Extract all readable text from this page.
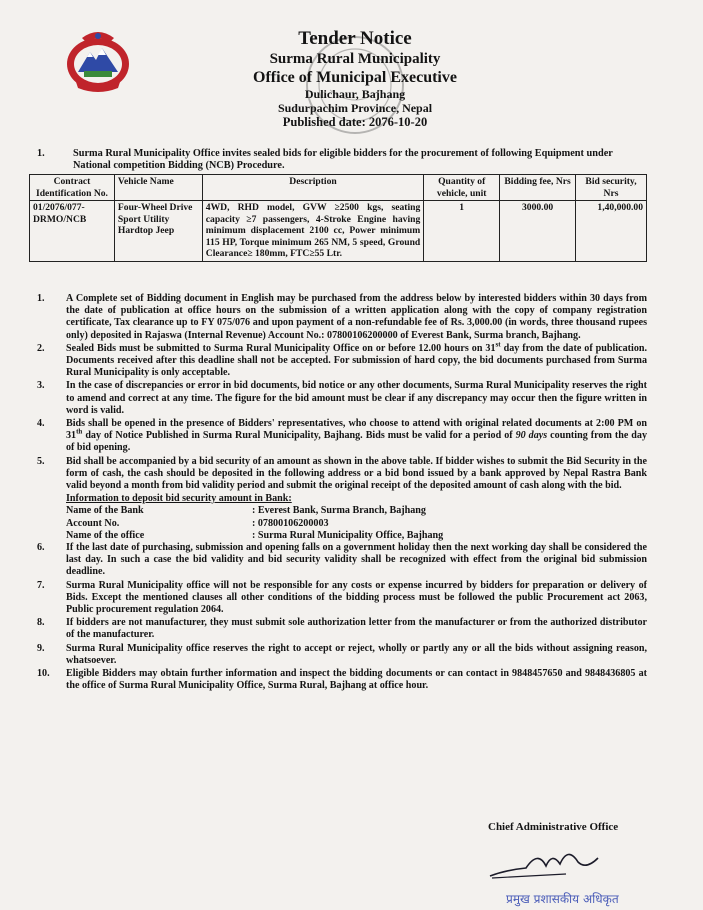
Tender Notice
Surma Rural Municipality
Office of Municipal Executive
Dulichaur, Bajhang
Sudurpachim Province, Nepal
Published date: 2076-10-20
1.	Surma Rural Municipality Office invites sealed bids for eligible bidders for the procurement of following Equipment under National competition Bidding (NCB) Procedure.
Contract Identification No.	Vehicle Name	Description	Quantity of vehicle, unit	Bidding fee, Nrs	Bid security, Nrs
01/2076/077-DRMO/NCB	Four-Wheel Drive Sport Utility Hardtop Jeep	4WD, RHD model, GVW ≥2500 kgs, seating capacity ≥7 passengers, 4-Stroke Engine having minimum displacement 2100 cc, Power minimum 115 HP, Torque minimum 265 NM, 5 speed, Ground Clearance≥ 180mm, FTC≥55 Ltr.	1	3000.00	1,40,000.00
1. A Complete set of Bidding document in English may be purchased from the address below by interested bidders within 30 days from the date of publication at office hours on the submission of a written application along with the copy of company registration certificate, Tax clearance up to FY 075/076 and upon payment of a non-refundable fee of Rs. 3,000.00 (in words, three thousand rupees only) deposited in Rajaswa (Internal Revenue) Account No.: 07800106200000 of Everest Bank, Surma branch, Bajhang.
2. Sealed Bids must be submitted to Surma Rural Municipality Office on or before 12.00 hours on 31st day from the date of publication. Documents received after this deadline shall not be accepted. For submission of hard copy, the bid documents purchased from Surma Rural Municipality is only acceptable.
3. In the case of discrepancies or error in bid documents, bid notice or any other documents, Surma Rural Municipality reserves the right to amend and correct at any time. The figure for the bid amount must be clear if any discrepancy may occur then the figure written in word is valid.
4. Bids shall be opened in the presence of Bidders' representatives, who choose to attend with original related documents at 2:00 PM on 31th day of Notice Published in Surma Rural Municipality, Bajhang. Bids must be valid for a period of 90 days counting from the day of bid opening.
5. Bid shall be accompanied by a bid security of an amount as shown in the above table. If bidder wishes to submit the Bid Security in the form of cash, the cash should be deposited in the following address or a bid bond issued by a bank approved by Nepal Rastra Bank valid beyond a month from bid validity period and submit the original receipt of the deposited amount of cash along with the bid.
Information to deposit bid security amount in Bank:
Name of the Bank	: Everest Bank, Surma Branch, Bajhang
Account No.	: 07800106200003
Name of the office	: Surma Rural Municipality Office, Bajhang
6. If the last date of purchasing, submission and opening falls on a government holiday then the next working day shall be considered the last day. In such a case the bid validity and bid security validity shall be recognized with effect from the original bid submission deadline.
7. Surma Rural Municipality office will not be responsible for any costs or expense incurred by bidders for preparation or delivery of Bids. Except the mentioned clauses all other conditions of the bidding process must be followed the public Procurement act 2063, Public procurement regulation 2064.
8. If bidders are not manufacturer, they must submit sole authorization letter from the manufacturer or from the authorized distributor of the manufacturer.
9. Surma Rural Municipality office reserves the right to accept or reject, wholly or partly any or all the bids without assigning reason, whatsoever.
10. Eligible Bidders may obtain further information and inspect the bidding documents or can contact in 9848457650 and 9848436805 at the office of Surma Rural Municipality Office, Surma Rural, Bajhang at office hour.
Chief Administrative Office
प्रमुख प्रशासकीय अधिकृत
